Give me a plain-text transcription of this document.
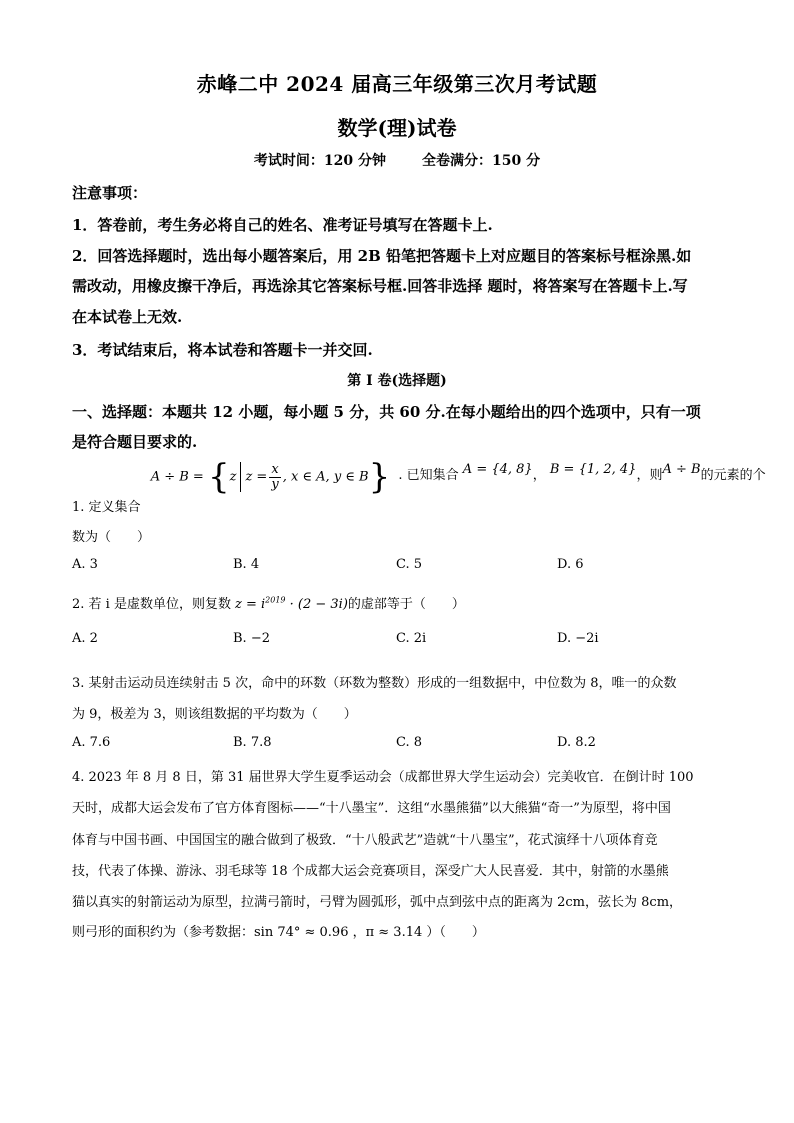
赤峰二中 2024 届高三年级第三次月考试题
数学(理)试卷
考试时间：120 分钟	全卷满分：150 分
注意事项：
1．答卷前，考生务必将自己的姓名、准考证号填写在答题卡上.
2．回答选择题时，选出每小题答案后，用 2B 铅笔把答题卡上对应题目的答案标号框涂黑.如
需改动，用橡皮擦干净后，再选涂其它答案标号框.回答非选择 题时，将答案写在答题卡上.写
在本试卷上无效.
3．考试结束后，将本试卷和答题卡一并交回.
第 I 卷(选择题)
一、选择题：本题共 12 小题，每小题 5 分，共 60 分.在每小题给出的四个选项中，只有一项
是符合题目要求的.
1. 定义集合 A ÷ B = {z $z = \frac{x}{y}$ , x ∈ A, y ∈ B} . 已知集合 A = {4, 8}， B = {1, 2, 4}，则A ÷ B的元素的个
数为（　　）
A. 3	B. 4	C. 5	D. 6
2. 若 i 是虚数单位，则复数 $z = i^{2019} \cdot (2 - 3i)$的虚部等于（　　）
A. 2	B. −2	C. 2i	D. −2i
3. 某射击运动员连续射击 5 次，命中的环数（环数为整数）形成的一组数据中，中位数为 8，唯一的众数
为 9，极差为 3，则该组数据的平均数为（　　）
A. 7.6	B. 7.8	C. 8	D. 8.2
4. 2023 年 8 月 8 日，第 31 届世界大学生夏季运动会（成都世界大学生运动会）完美收官．在倒计时 100
天时，成都大运会发布了官方体育图标——“十八墨宝”．这组“水墨熊猫”以大熊猫“奇一”为原型，将中国
体育与中国书画、中国国宝的融合做到了极致．“十八般武艺”造就“十八墨宝”，花式演绎十八项体育竞
技，代表了体操、游泳、羽毛球等 18 个成都大运会竞赛项目，深受广大人民喜爱．其中，射箭的水墨熊
猫以真实的射箭运动为原型，拉满弓箭时，弓臂为圆弧形，弧中点到弦中点的距离为 2cm，弦长为 8cm，
则弓形的面积约为（参考数据：sin 74° ≈ 0.96 ，π ≈ 3.14 ）（　　）
